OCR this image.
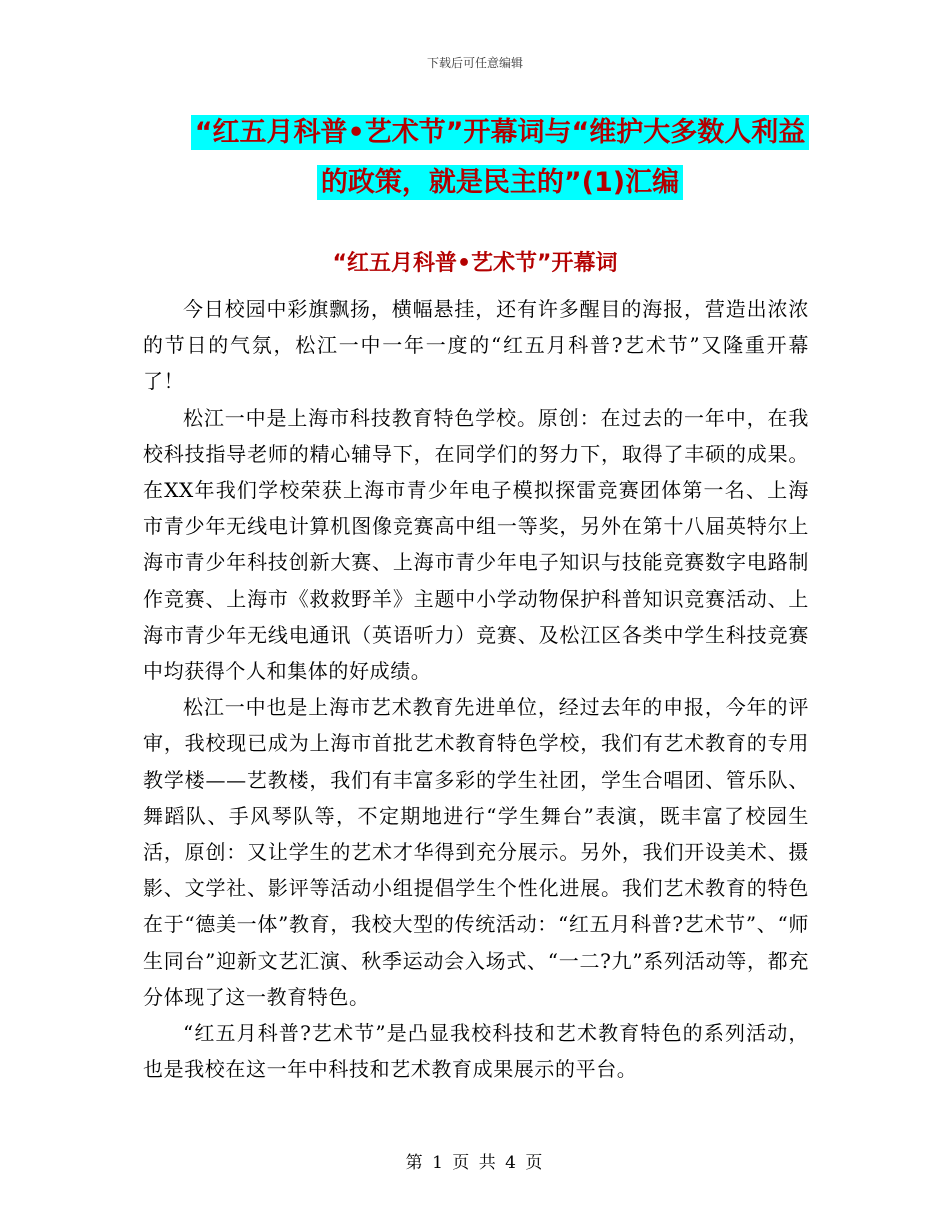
下载后可任意编辑
“红五月科普•艺术节”开幕词与“维护大多数人利益的政策，就是民主的”(1)汇编
“红五月科普•艺术节”开幕词

今日校园中彩旗飘扬，横幅悬挂，还有许多醒目的海报，营造出浓浓的节日的气氛，松江一中一年一度的“红五月科普?艺术节”又隆重开幕了！

松江一中是上海市科技教育特色学校。原创：在过去的一年中，在我校科技指导老师的精心辅导下，在同学们的努力下，取得了丰硕的成果。在XX年我们学校荣获上海市青少年电子模拟探雷竞赛团体第一名、上海市青少年无线电计算机图像竞赛高中组一等奖，另外在第十八届英特尔上海市青少年科技创新大赛、上海市青少年电子知识与技能竞赛数字电路制作竞赛、上海市《救救野羊》主题中小学动物保护科普知识竞赛活动、上海市青少年无线电通讯（英语听力）竞赛、及松江区各类中学生科技竞赛中均获得个人和集体的好成绩。

松江一中也是上海市艺术教育先进单位，经过去年的申报，今年的评审，我校现已成为上海市首批艺术教育特色学校，我们有艺术教育的专用教学楼——艺教楼，我们有丰富多彩的学生社团，学生合唱团、管乐队、舞蹈队、手风琴队等，不定期地进行“学生舞台”表演，既丰富了校园生活，原创：又让学生的艺术才华得到充分展示。另外，我们开设美术、摄影、文学社、影评等活动小组提倡学生个性化进展。我们艺术教育的特色在于“德美一体”教育，我校大型的传统活动：“红五月科普?艺术节”、“师生同台”迎新文艺汇演、秋季运动会入场式、“一二?九”系列活动等，都充分体现了这一教育特色。

“红五月科普?艺术节”是凸显我校科技和艺术教育特色的系列活动，也是我校在这一年中科技和艺术教育成果展示的平台。

第 1 页 共 4 页
